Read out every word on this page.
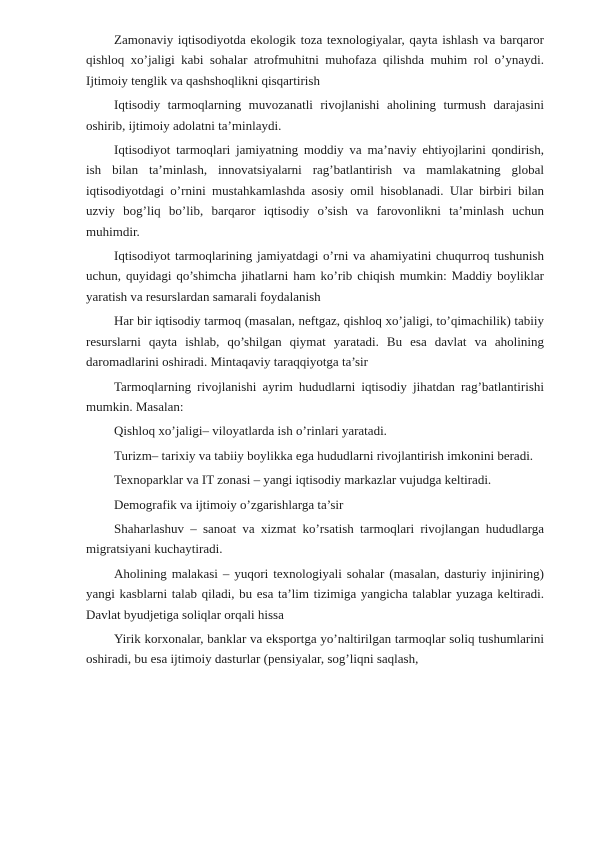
Zamonaviy iqtisodiyotda ekologik toza texnologiyalar, qayta ishlash va barqaror qishloq xo’jaligi kabi sohalar atrofmuhitni muhofaza qilishda muhim rol o’ynaydi. Ijtimoiy tenglik va qashshoqlikni qisqartirish

Iqtisodiy tarmoqlarning muvozanatli rivojlanishi aholining turmush darajasini oshirib, ijtimoiy adolatni ta’minlaydi.

Iqtisodiyot tarmoqlari jamiyatning moddiy va ma’naviy ehtiyojlarini qondirish, ish bilan ta’minlash, innovatsiyalarni rag’batlantirish va mamlakatning global iqtisodiyotdagi o’rnini mustahkamlashda asosiy omil hisoblanadi. Ular birbiri bilan uzviy bog’liq bo’lib, barqaror iqtisodiy o’sish va farovonlikni ta’minlash uchun muhimdir.

Iqtisodiyot tarmoqlarining jamiyatdagi o’rni va ahamiyatini chuqurroq tushunish uchun, quyidagi qo’shimcha jihatlarni ham ko’rib chiqish mumkin: Maddiy boyliklar yaratish va resurslardan samarali foydalanish

Har bir iqtisodiy tarmoq (masalan, neftgaz, qishloq xo’jaligi, to’qimachilik) tabiiy resurslarni qayta ishlab, qo’shilgan qiymat yaratadi. Bu esa davlat va aholining daromadlarini oshiradi. Mintaqaviy taraqqiyotga ta’sir

Tarmoqlarning rivojlanishi ayrim hududlarni iqtisodiy jihatdan rag’batlantirishi mumkin. Masalan:

Qishloq xo’jaligi– viloyatlarda ish o’rinlari yaratadi.

Turizm– tarixiy va tabiiy boylikka ega hududlarni rivojlantirish imkonini beradi.

Texnoparklar va IT zonasi – yangi iqtisodiy markazlar vujudga keltiradi.

Demografik va ijtimoiy o’zgarishlarga ta’sir

Shaharlashuv – sanoat va xizmat ko’rsatish tarmoqlari rivojlangan hududlarga migratsiyani kuchaytiradi.

Aholining malakasi – yuqori texnologiyali sohalar (masalan, dasturiy injiniring) yangi kasblarni talab qiladi, bu esa ta’lim tizimiga yangicha talablar yuzaga keltiradi. Davlat byudjetiga soliqlar orqali hissa

Yirik korxonalar, banklar va eksportga yo’naltirilgan tarmoqlar soliq tushumlarini oshiradi, bu esa ijtimoiy dasturlar (pensiyalar, sog’liqni saqlash,
